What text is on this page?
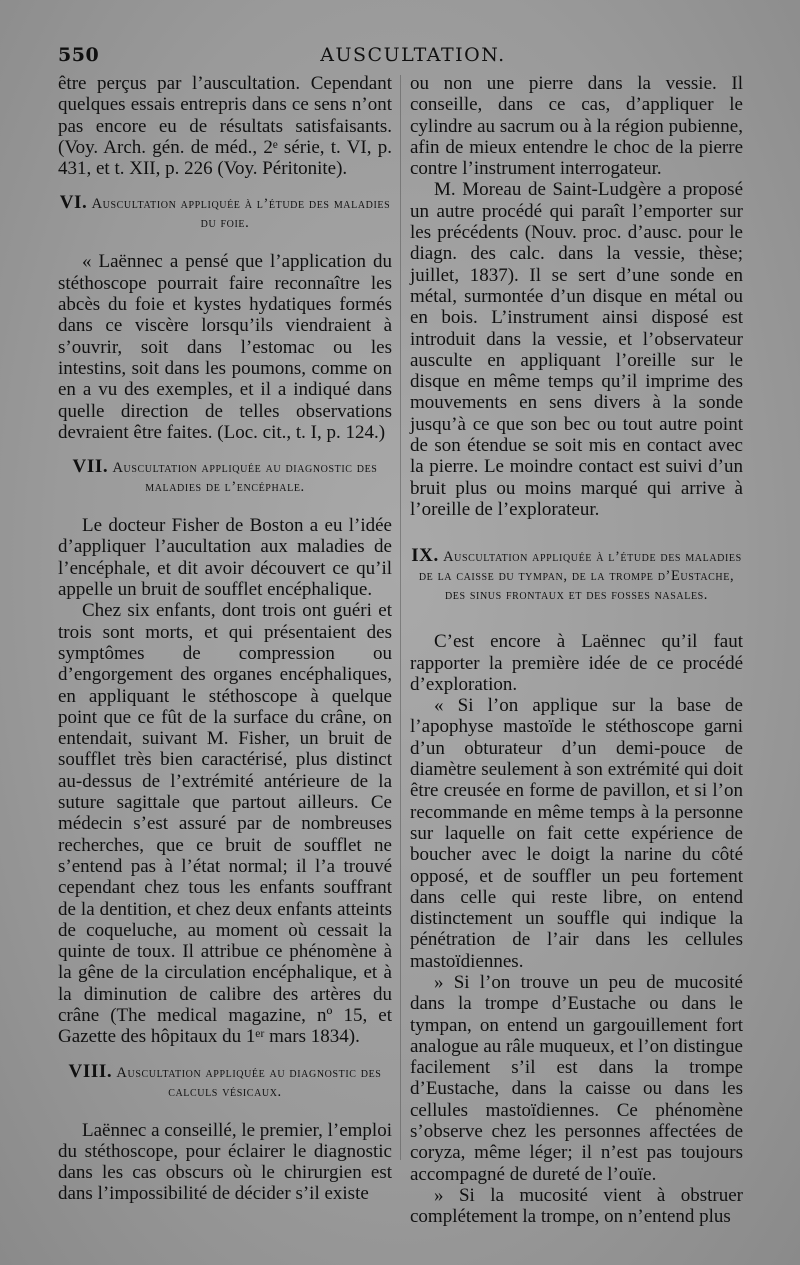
550	AUSCULTATION.

être perçus par l’auscultation. Cependant quelques essais entrepris dans ce sens n’ont pas encore eu de résultats satisfaisants. (Voy. Arch. gén. de méd., 2ᵉ série, t. VI, p. 431, et t. XII, p. 226 (Voy. Péritonite).

VI. Auscultation appliquée à l’étude des maladies du foie.

« Laënnec a pensé que l’application du stéthoscope pourrait faire reconnaître les abcès du foie et kystes hydatiques formés dans ce viscère lorsqu’ils viendraient à s’ouvrir, soit dans l’estomac ou les intestins, soit dans les poumons, comme on en a vu des exemples, et il a indiqué dans quelle direction de telles observations devraient être faites. (Loc. cit., t. I, p. 124.)

VII. Auscultation appliquée au diagnostic des maladies de l’encéphale.

Le docteur Fisher de Boston a eu l’idée d’appliquer l’aucultation aux maladies de l’encéphale, et dit avoir découvert ce qu’il appelle un bruit de soufflet encéphalique.

Chez six enfants, dont trois ont guéri et trois sont morts, et qui présentaient des symptômes de compression ou d’engorgement des organes encéphaliques, en appliquant le stéthoscope à quelque point que ce fût de la surface du crâne, on entendait, suivant M. Fisher, un bruit de soufflet très bien caractérisé, plus distinct au-dessus de l’extrémité antérieure de la suture sagittale que partout ailleurs. Ce médecin s’est assuré par de nombreuses recherches, que ce bruit de soufflet ne s’entend pas à l’état normal; il l’a trouvé cependant chez tous les enfants souffrant de la dentition, et chez deux enfants atteints de coqueluche, au moment où cessait la quinte de toux. Il attribue ce phénomène à la gêne de la circulation encéphalique, et à la diminution de calibre des artères du crâne (The medical magazine, nº 15, et Gazette des hôpitaux du 1ᵉʳ mars 1834).

VIII. Auscultation appliquée au diagnostic des calculs vésicaux.

Laënnec a conseillé, le premier, l’emploi du stéthoscope, pour éclairer le diagnostic dans les cas obscurs où le chirurgien est dans l’impossibilité de décider s’il existe

ou non une pierre dans la vessie. Il conseille, dans ce cas, d’appliquer le cylindre au sacrum ou à la région pubienne, afin de mieux entendre le choc de la pierre contre l’instrument interrogateur.

M. Moreau de Saint-Ludgère a proposé un autre procédé qui paraît l’emporter sur les précédents (Nouv. proc. d’ausc. pour le diagn. des calc. dans la vessie, thèse; juillet, 1837). Il se sert d’une sonde en métal, surmontée d’un disque en métal ou en bois. L’instrument ainsi disposé est introduit dans la vessie, et l’observateur ausculte en appliquant l’oreille sur le disque en même temps qu’il imprime des mouvements en sens divers à la sonde jusqu’à ce que son bec ou tout autre point de son étendue se soit mis en contact avec la pierre. Le moindre contact est suivi d’un bruit plus ou moins marqué qui arrive à l’oreille de l’explorateur.

IX. Auscultation appliquée à l’étude des maladies de la caisse du tympan, de la trompe d’Eustache, des sinus frontaux et des fosses nasales.

C’est encore à Laënnec qu’il faut rapporter la première idée de ce procédé d’exploration.

« Si l’on applique sur la base de l’apophyse mastoïde le stéthoscope garni d’un obturateur d’un demi-pouce de diamètre seulement à son extrémité qui doit être creusée en forme de pavillon, et si l’on recommande en même temps à la personne sur laquelle on fait cette expérience de boucher avec le doigt la narine du côté opposé, et de souffler un peu fortement dans celle qui reste libre, on entend distinctement un souffle qui indique la pénétration de l’air dans les cellules mastoïdiennes.

» Si l’on trouve un peu de mucosité dans la trompe d’Eustache ou dans le tympan, on entend un gargouillement fort analogue au râle muqueux, et l’on distingue facilement s’il est dans la trompe d’Eustache, dans la caisse ou dans les cellules mastoïdiennes. Ce phénomène s’observe chez les personnes affectées de coryza, même léger; il n’est pas toujours accompagné de dureté de l’ouïe.

» Si la mucosité vient à obstruer complétement la trompe, on n’entend plus
